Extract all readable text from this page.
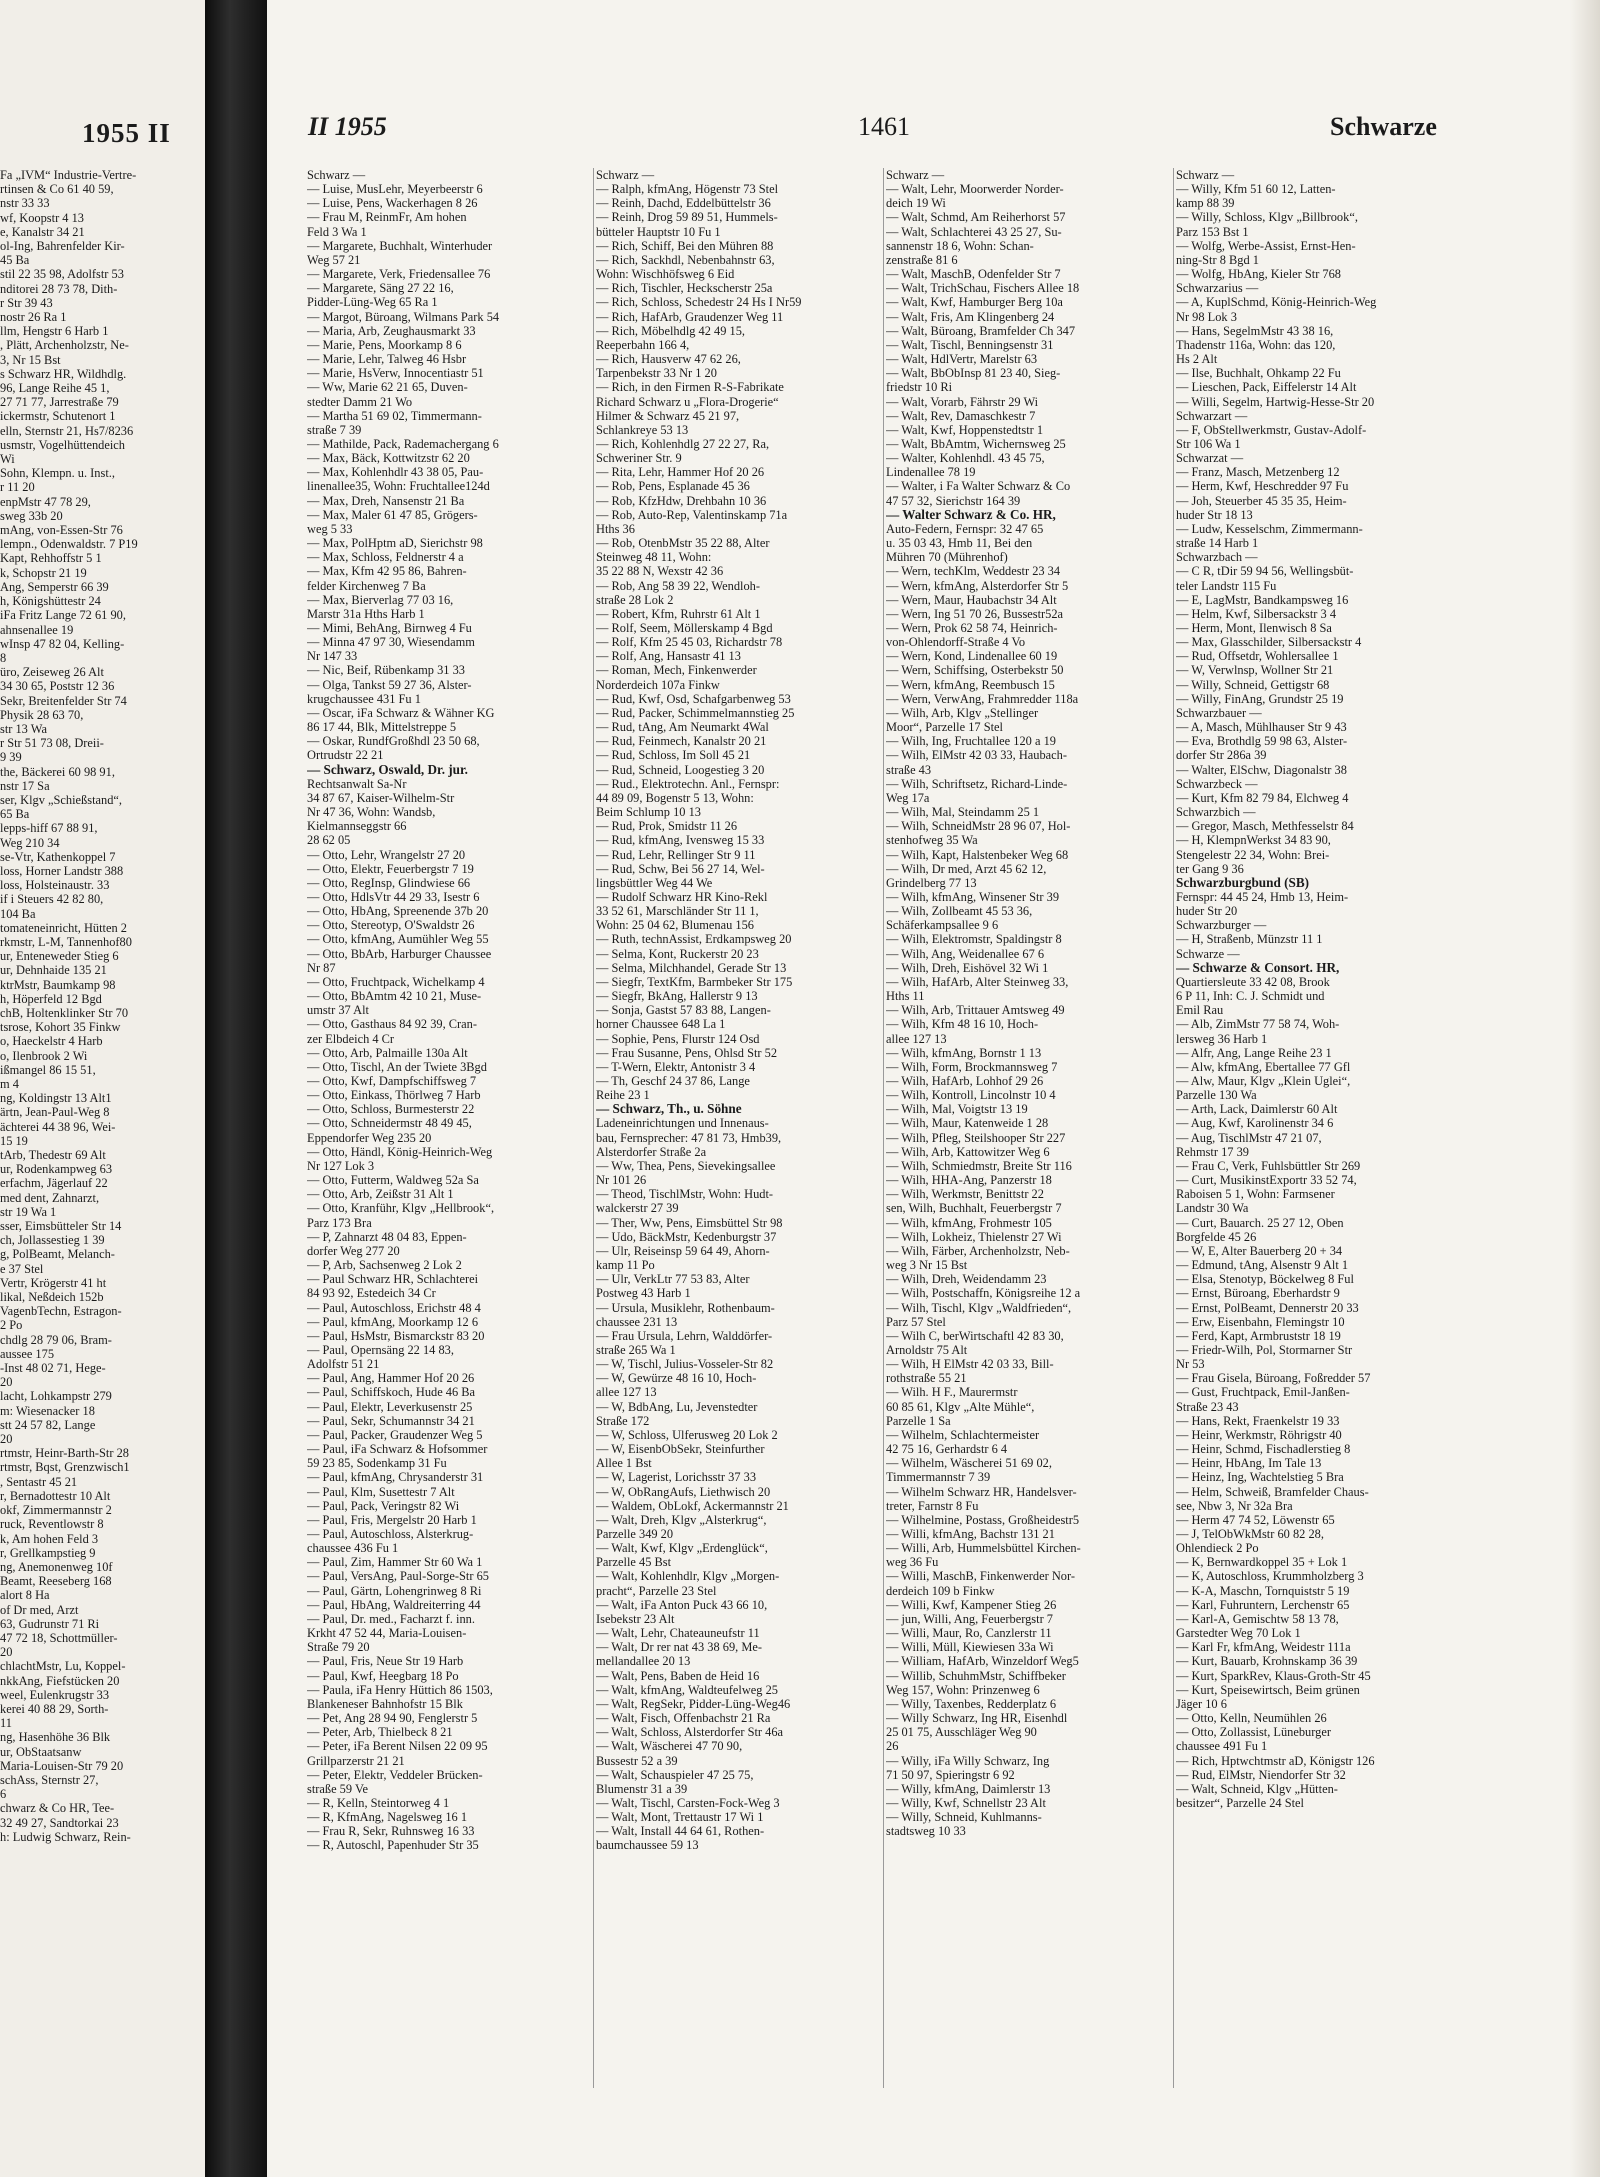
1955 II
Fa „IVM“ Industrie-Vertre-
rtinsen & Co 61 40 59,
nstr 33 33
wf, Koopstr 4 13
e, Kanalstr 34 21
ol-Ing, Bahrenfelder Kir-
45 Ba
stil 22 35 98, Adolfstr 53
nditorei 28 73 78, Dith-
r Str 39 43
nostr 26 Ra 1
llm, Hengstr 6 Harb 1
, Plätt, Archenholzstr, Ne-
3, Nr 15 Bst
s Schwarz HR, Wildhdlg.
96, Lange Reihe 45 1,
27 71 77, Jarrestraße 79
ickermstr, Schutenort 1
elln, Sternstr 21, Hs7/8236
usmstr, Vogelhüttendeich
Wi
Sohn, Klempn. u. Inst.,
r 11 20
enpMstr 47 78 29,
sweg 33b 20
mAng, von-Essen-Str 76
lempn., Odenwaldstr. 7 P19
Kapt, Rehhoffstr 5 1
k, Schopstr 21 19
Ang, Semperstr 66 39
h, Königshüttestr 24
iFa Fritz Lange 72 61 90,
ahnsenallee 19
wInsp 47 82 04, Kelling-
8
üro, Zeiseweg 26 Alt
34 30 65, Poststr 12 36
Sekr, Breitenfelder Str 74
Physik 28 63 70,
str 13 Wa
r Str 51 73 08, Dreii-
9 39
the, Bäckerei 60 98 91,
nstr 17 Sa
ser, Klgv „Schießstand“,
65 Ba
lepps-hiff 67 88 91,
Weg 210 34
se-Vtr, Kathenkoppel 7
loss, Horner Landstr 388
loss, Holsteinaustr. 33
if i Steuers 42 82 80,
104 Ba
tomateneinricht, Hütten 2
rkmstr, L-M, Tannenhof80
ur, Enteneweder Stieg 6
ur, Dehnhaide 135 21
ktrMstr, Baumkamp 98
h, Höperfeld 12 Bgd
chB, Holtenklinker Str 70
tsrose, Kohort 35 Finkw
o, Haeckelstr 4 Harb
o, Ilenbrook 2 Wi
ißmangel 86 15 51,
m 4
ng, Koldingstr 13 Alt1
ärtn, Jean-Paul-Weg 8
ächterei 44 38 96, Wei-
15 19
tArb, Thedestr 69 Alt
ur, Rodenkampweg 63
erfachm, Jägerlauf 22
med dent, Zahnarzt,
str 19 Wa 1
sser, Eimsbütteler Str 14
ch, Jollassestieg 1 39
g, PolBeamt, Melanch-
e 37 Stel
Vertr, Krögerstr 41 ht
likal, Neßdeich 152b
VagenbTechn, Estragon-
2 Po
chdlg 28 79 06, Bram-
aussee 175
-Inst 48 02 71, Hege-
20
lacht, Lohkampstr 279
m: Wiesenacker 18
stt 24 57 82, Lange
20
rtmstr, Heinr-Barth-Str 28
rtmstr, Bqst, Grenzwisch1
, Sentastr 45 21
r, Bernadottestr 10 Alt
okf, Zimmermannstr 2
ruck, Reventlowstr 8
k, Am hohen Feld 3
r, Grellkampstieg 9
ng, Anemonenweg 10f
Beamt, Reeseberg 168
alort 8 Ha
of Dr med, Arzt
63, Gudrunstr 71 Ri
47 72 18, Schottmüller-
20
chlachtMstr, Lu, Koppel-
nkkAng, Fiefstücken 20
weel, Eulenkrugstr 33
kerei 40 88 29, Sorth-
11
ng, Hasenhöhe 36 Blk
ur, ObStaatsanw
Maria-Louisen-Str 79 20
schAss, Sternstr 27,
6
chwarz & Co HR, Tee-
32 49 27, Sandtorkai 23
h: Ludwig Schwarz, Rein-
II 1955	1461	Schwarze
Schwarz —
— Luise, MusLehr, Meyerbeerstr 6
— Luise, Pens, Wackerhagen 8 26
— Frau M, ReinmFr, Am hohen
Feld 3 Wa 1
— Margarete, Buchhalt, Winterhuder
Weg 57 21
— Margarete, Verk, Friedensallee 76
— Margarete, Säng 27 22 16,
Pidder-Lüng-Weg 65 Ra 1
— Margot, Büroang, Wilmans Park 54
— Maria, Arb, Zeughausmarkt 33
— Marie, Pens, Moorkamp 8 6
— Marie, Lehr, Talweg 46 Hsbr
— Marie, HsVerw, Innocentiastr 51
— Ww, Marie 62 21 65, Duven-
stedter Damm 21 Wo
— Martha 51 69 02, Timmermann-
straße 7 39
— Mathilde, Pack, Rademachergang 6
— Max, Bäck, Kottwitzstr 62 20
— Max, Kohlenhdlr 43 38 05, Pau-
linenallee35, Wohn: Fruchtallee124d
— Max, Dreh, Nansenstr 21 Ba
— Max, Maler 61 47 85, Grögers-
weg 5 33
— Max, PolHptm aD, Sierichstr 98
— Max, Schloss, Feldnerstr 4 a
— Max, Kfm 42 95 86, Bahren-
felder Kirchenweg 7 Ba
— Max, Bierverlag 77 03 16,
Marstr 31a Hths Harb 1
— Mimi, BehAng, Birnweg 4 Fu
— Minna 47 97 30, Wiesendamm
Nr 147 33
— Nic, Beif, Rübenkamp 31 33
— Olga, Tankst 59 27 36, Alster-
krugchaussee 431 Fu 1
— Oscar, iFa Schwarz & Wähner KG
86 17 44, Blk, Mittelstreppe 5
— Oskar, RundfGroßhdl 23 50 68,
Ortrudstr 22 21
— Schwarz, Oswald, Dr. jur.
Rechtsanwalt Sa-Nr
34 87 67, Kaiser-Wilhelm-Str
Nr 47 36, Wohn: Wandsb,
Kielmannseggstr 66
28 62 05
— Otto, Lehr, Wrangelstr 27 20
— Otto, Elektr, Feuerbergstr 7 19
— Otto, RegInsp, Glindwiese 66
— Otto, HdlsVtr 44 29 33, Isestr 6
— Otto, HbAng, Spreenende 37b 20
— Otto, Stereotyp, O'Swaldstr 26
— Otto, kfmAng, Aumühler Weg 55
— Otto, BbArb, Harburger Chaussee
Nr 87
— Otto, Fruchtpack, Wichelkamp 4
— Otto, BbAmtm 42 10 21, Muse-
umstr 37 Alt
— Otto, Gasthaus 84 92 39, Cran-
zer Elbdeich 4 Cr
— Otto, Arb, Palmaille 130a Alt
— Otto, Tischl, An der Twiete 3Bgd
— Otto, Kwf, Dampfschiffsweg 7
— Otto, Einkass, Thörlweg 7 Harb
— Otto, Schloss, Burmesterstr 22
— Otto, Schneidermstr 48 49 45,
Eppendorfer Weg 235 20
— Otto, Händl, König-Heinrich-Weg
Nr 127 Lok 3
— Otto, Futterm, Waldweg 52a Sa
— Otto, Arb, Zeißstr 31 Alt 1
— Otto, Kranführ, Klgv „Hellbrook“,
Parz 173 Bra
— P, Zahnarzt 48 04 83, Eppen-
dorfer Weg 277 20
— P, Arb, Sachsenweg 2 Lok 2
— Paul Schwarz HR, Schlachterei
84 93 92, Estedeich 34 Cr
— Paul, Autoschloss, Erichstr 48 4
— Paul, kfmAng, Moorkamp 12 6
— Paul, HsMstr, Bismarckstr 83 20
— Paul, Opernsäng 22 14 83,
Adolfstr 51 21
— Paul, Ang, Hammer Hof 20 26
— Paul, Schiffskoch, Hude 46 Ba
— Paul, Elektr, Leverkusenstr 25
— Paul, Sekr, Schumannstr 34 21
— Paul, Packer, Graudenzer Weg 5
— Paul, iFa Schwarz & Hofsommer
59 23 85, Sodenkamp 31 Fu
— Paul, kfmAng, Chrysanderstr 31
— Paul, Klm, Susettestr 7 Alt
— Paul, Pack, Veringstr 82 Wi
— Paul, Fris, Mergelstr 20 Harb 1
— Paul, Autoschloss, Alsterkrug-
chaussee 436 Fu 1
— Paul, Zim, Hammer Str 60 Wa 1
— Paul, VersAng, Paul-Sorge-Str 65
— Paul, Gärtn, Lohengrinweg 8 Ri
— Paul, HbAng, Waldreiterring 44
— Paul, Dr. med., Facharzt f. inn.
Krkht 47 52 44, Maria-Louisen-
Straße 79 20
— Paul, Fris, Neue Str 19 Harb
— Paul, Kwf, Heegbarg 18 Po
— Paula, iFa Henry Hüttich 86 1503,
Blankeneser Bahnhofstr 15 Blk
— Pet, Ang 28 94 90, Fenglerstr 5
— Peter, Arb, Thielbeck 8 21
— Peter, iFa Berent Nilsen 22 09 95
Grillparzerstr 21 21
— Peter, Elektr, Veddeler Brücken-
straße 59 Ve
— R, Kelln, Steintorweg 4 1
— R, KfmAng, Nagelsweg 16 1
— Frau R, Sekr, Ruhnsweg 16 33
— R, Autoschl, Papenhuder Str 35
Schwarz —
— Ralph, kfmAng, Högenstr 73 Stel
— Reinh, Dachd, Eddelbüttelstr 36
— Reinh, Drog 59 89 51, Hummels-
bütteler Hauptstr 10 Fu 1
— Rich, Schiff, Bei den Mühren 88
— Rich, Sackhdl, Nebenbahnstr 63,
Wohn: Wischhöfsweg 6 Eid
— Rich, Tischler, Heckscherstr 25a
— Rich, Schloss, Schedestr 24 Hs I Nr59
— Rich, HafArb, Graudenzer Weg 11
— Rich, Möbelhdlg 42 49 15,
Reeperbahn 166 4,
— Rich, Hausverw 47 62 26,
Tarpenbekstr 33 Nr 1 20
— Rich, in den Firmen R-S-Fabrikate
Richard Schwarz u „Flora-Drogerie“
Hilmer & Schwarz 45 21 97,
Schlankreye 53 13
— Rich, Kohlenhdlg 27 22 27, Ra,
Schweriner Str. 9
— Rita, Lehr, Hammer Hof 20 26
— Rob, Pens, Esplanade 45 36
— Rob, KfzHdw, Drehbahn 10 36
— Rob, Auto-Rep, Valentinskamp 71a
Hths 36
— Rob, OtenbMstr 35 22 88, Alter
Steinweg 48 11, Wohn:
35 22 88 N, Wexstr 42 36
— Rob, Ang 58 39 22, Wendloh-
straße 28 Lok 2
— Robert, Kfm, Ruhrstr 61 Alt 1
— Rolf, Seem, Möllerskamp 4 Bgd
— Rolf, Kfm 25 45 03, Richardstr 78
— Rolf, Ang, Hansastr 41 13
— Roman, Mech, Finkenwerder
Norderdeich 107a Finkw
— Rud, Kwf, Osd, Schafgarbenweg 53
— Rud, Packer, Schimmelmannstieg 25
— Rud, tAng, Am Neumarkt 4Wal
— Rud, Feinmech, Kanalstr 20 21
— Rud, Schloss, Im Soll 45 21
— Rud, Schneid, Loogestieg 3 20
— Rud., Elektrotechn. Anl., Fernspr:
44 89 09, Bogenstr 5 13, Wohn:
Beim Schlump 10 13
— Rud, Prok, Smidstr 11 26
— Rud, kfmAng, Ivensweg 15 33
— Rud, Lehr, Rellinger Str 9 11
— Rud, Schw, Bei 56 27 14, Wel-
lingsbüttler Weg 44 We
— Rudolf Schwarz HR Kino-Rekl
33 52 61, Marschländer Str 11 1,
Wohn: 25 04 62, Blumenau 156
— Ruth, technAssist, Erdkampsweg 20
— Selma, Kont, Ruckerstr 20 23
— Selma, Milchhandel, Gerade Str 13
— Siegfr, TextKfm, Barmbeker Str 175
— Siegfr, BkAng, Hallerstr 9 13
— Sonja, Gastst 57 83 88, Langen-
horner Chaussee 648 La 1
— Sophie, Pens, Flurstr 124 Osd
— Frau Susanne, Pens, Ohlsd Str 52
— T-Wern, Elektr, Antonistr 3 4
— Th, Geschf 24 37 86, Lange
Reihe 23 1
— Schwarz, Th., u. Söhne
Ladeneinrichtungen und Innenaus-
bau, Fernsprecher: 47 81 73, Hmb39,
Alsterdorfer Straße 2a
— Ww, Thea, Pens, Sievekingsallee
Nr 101 26
— Theod, TischlMstr, Wohn: Hudt-
walckerstr 27 39
— Ther, Ww, Pens, Eimsbüttel Str 98
— Udo, BäckMstr, Kedenburgstr 37
— Ulr, Reiseinsp 59 64 49, Ahorn-
kamp 11 Po
— Ulr, VerkLtr 77 53 83, Alter
Postweg 43 Harb 1
— Ursula, Musiklehr, Rothenbaum-
chaussee 231 13
— Frau Ursula, Lehrn, Walddörfer-
straße 265 Wa 1
— W, Tischl, Julius-Vosseler-Str 82
— W, Gewürze 48 16 10, Hoch-
allee 127 13
— W, BdbAng, Lu, Jevenstedter
Straße 172
— W, Schloss, Ulferusweg 20 Lok 2
— W, EisenbObSekr, Steinfurther
Allee 1 Bst
— W, Lagerist, Lorichsstr 37 33
— W, ObRangAufs, Liethwisch 20
— Waldem, ObLokf, Ackermannstr 21
— Walt, Dreh, Klgv „Alsterkrug“,
Parzelle 349 20
— Walt, Kwf, Klgv „Erdenglück“,
Parzelle 45 Bst
— Walt, Kohlenhdlr, Klgv „Morgen-
pracht“, Parzelle 23 Stel
— Walt, iFa Anton Puck 43 66 10,
Isebekstr 23 Alt
— Walt, Lehr, Chateauneufstr 11
— Walt, Dr rer nat 43 38 69, Me-
mellandallee 20 13
— Walt, Pens, Baben de Heid 16
— Walt, kfmAng, Waldteufelweg 25
— Walt, RegSekr, Pidder-Lüng-Weg46
— Walt, Fisch, Offenbachstr 21 Ra
— Walt, Schloss, Alsterdorfer Str 46a
— Walt, Wäscherei 47 70 90,
Bussestr 52 a 39
— Walt, Schauspieler 47 25 75,
Blumenstr 31 a 39
— Walt, Tischl, Carsten-Fock-Weg 3
— Walt, Mont, Trettaustr 17 Wi 1
— Walt, Install 44 64 61, Rothen-
baumchaussee 59 13
Schwarz —
— Walt, Lehr, Moorwerder Norder-
deich 19 Wi
— Walt, Schmd, Am Reiherhorst 57
— Walt, Schlachterei 43 25 27, Su-
sannenstr 18 6, Wohn: Schan-
zenstraße 81 6
— Walt, MaschB, Odenfelder Str 7
— Walt, TrichSchau, Fischers Allee 18
— Walt, Kwf, Hamburger Berg 10a
— Walt, Fris, Am Klingenberg 24
— Walt, Büroang, Bramfelder Ch 347
— Walt, Tischl, Benningsenstr 31
— Walt, HdlVertr, Marelstr 63
— Walt, BbObInsp 81 23 40, Sieg-
friedstr 10 Ri
— Walt, Vorarb, Fährstr 29 Wi
— Walt, Rev, Damaschkestr 7
— Walt, Kwf, Hoppenstedtstr 1
— Walt, BbAmtm, Wichernsweg 25
— Walter, Kohlenhdl. 43 45 75,
Lindenallee 78 19
— Walter, i Fa Walter Schwarz & Co
47 57 32, Sierichstr 164 39
— Walter Schwarz & Co. HR,
Auto-Federn, Fernspr: 32 47 65
u. 35 03 43, Hmb 11, Bei den
Mühren 70 (Mührenhof)
— Wern, techKlm, Weddestr 23 34
— Wern, kfmAng, Alsterdorfer Str 5
— Wern, Maur, Haubachstr 34 Alt
— Wern, Ing 51 70 26, Bussestr52a
— Wern, Prok 62 58 74, Heinrich-
von-Ohlendorff-Straße 4 Vo
— Wern, Kond, Lindenallee 60 19
— Wern, Schiffsing, Osterbekstr 50
— Wern, kfmAng, Reembusch 15
— Wern, VerwAng, Frahmredder 118a
— Wilh, Arb, Klgv „Stellinger
Moor“, Parzelle 17 Stel
— Wilh, Ing, Fruchtallee 120 a 19
— Wilh, ElMstr 42 03 33, Haubach-
straße 43
— Wilh, Schriftsetz, Richard-Linde-
Weg 17a
— Wilh, Mal, Steindamm 25 1
— Wilh, SchneidMstr 28 96 07, Hol-
stenhofweg 35 Wa
— Wilh, Kapt, Halstenbeker Weg 68
— Wilh, Dr med, Arzt 45 62 12,
Grindelberg 77 13
— Wilh, kfmAng, Winsener Str 39
— Wilh, Zollbeamt 45 53 36,
Schäferkampsallee 9 6
— Wilh, Elektromstr, Spaldingstr 8
— Wilh, Ang, Weidenallee 67 6
— Wilh, Dreh, Eishövel 32 Wi 1
— Wilh, HafArb, Alter Steinweg 33,
Hths 11
— Wilh, Arb, Trittauer Amtsweg 49
— Wilh, Kfm 48 16 10, Hoch-
allee 127 13
— Wilh, kfmAng, Bornstr 1 13
— Wilh, Form, Brockmannsweg 7
— Wilh, HafArb, Lohhof 29 26
— Wilh, Kontroll, Lincolnstr 10 4
— Wilh, Mal, Voigtstr 13 19
— Wilh, Maur, Katenweide 1 28
— Wilh, Pfleg, Steilshooper Str 227
— Wilh, Arb, Kattowitzer Weg 6
— Wilh, Schmiedmstr, Breite Str 116
— Wilh, HHA-Ang, Panzerstr 18
— Wilh, Werkmstr, Benittstr 22
sen, Wilh, Buchhalt, Feuerbergstr 7
— Wilh, kfmAng, Frohmestr 105
— Wilh, Lokheiz, Thielenstr 27 Wi
— Wilh, Färber, Archenholzstr, Neb-
weg 3 Nr 15 Bst
— Wilh, Dreh, Weidendamm 23
— Wilh, Postschaffn, Königsreihe 12 a
— Wilh, Tischl, Klgv „Waldfrieden“,
Parz 57 Stel
— Wilh C, berWirtschaftl 42 83 30,
Arnoldstr 75 Alt
— Wilh, H ElMstr 42 03 33, Bill-
rothstraße 55 21
— Wilh. H F., Maurermstr
60 85 61, Klgv „Alte Mühle“,
Parzelle 1 Sa
— Wilhelm, Schlachtermeister
42 75 16, Gerhardstr 6 4
— Wilhelm, Wäscherei 51 69 02,
Timmermannstr 7 39
— Wilhelm Schwarz HR, Handelsver-
treter, Farnstr 8 Fu
— Wilhelmine, Postass, Großheidestr5
— Willi, kfmAng, Bachstr 131 21
— Willi, Arb, Hummelsbüttel Kirchen-
weg 36 Fu
— Willi, MaschB, Finkenwerder Nor-
derdeich 109 b Finkw
— Willi, Kwf, Kampener Stieg 26
— jun, Willi, Ang, Feuerbergstr 7
— Willi, Maur, Ro, Canzlerstr 11
— Willi, Müll, Kiewiesen 33a Wi
— William, HafArb, Winzeldorf Weg5
— Willib, SchuhmMstr, Schiffbeker
Weg 157, Wohn: Prinzenweg 6
— Willy, Taxenbes, Redderplatz 6
— Willy Schwarz, Ing HR, Eisenhdl
25 01 75, Ausschläger Weg 90
26
— Willy, iFa Willy Schwarz, Ing
71 50 97, Spieringstr 6 92
— Willy, kfmAng, Daimlerstr 13
— Willy, Kwf, Schnellstr 23 Alt
— Willy, Schneid, Kuhlmanns-
stadtsweg 10 33
Schwarz —
— Willy, Kfm 51 60 12, Latten-
kamp 88 39
— Willy, Schloss, Klgv „Billbrook“,
Parz 153 Bst 1
— Wolfg, Werbe-Assist, Ernst-Hen-
ning-Str 8 Bgd 1
— Wolfg, HbAng, Kieler Str 768
Schwarzarius —
— A, KuplSchmd, König-Heinrich-Weg
Nr 98 Lok 3
— Hans, SegelmMstr 43 38 16,
Thadenstr 116a, Wohn: das 120,
Hs 2 Alt
— Ilse, Buchhalt, Ohkamp 22 Fu
— Lieschen, Pack, Eiffelerstr 14 Alt
— Willi, Segelm, Hartwig-Hesse-Str 20
Schwarzart —
— F, ObStellwerkmstr, Gustav-Adolf-
Str 106 Wa 1
Schwarzat —
— Franz, Masch, Metzenberg 12
— Herm, Kwf, Heschredder 97 Fu
— Joh, Steuerber 45 35 35, Heim-
huder Str 18 13
— Ludw, Kesselschm, Zimmermann-
straße 14 Harb 1
Schwarzbach —
— C R, tDir 59 94 56, Wellingsbüt-
teler Landstr 115 Fu
— E, LagMstr, Bandkampsweg 16
— Helm, Kwf, Silbersackstr 3 4
— Herm, Mont, Ilenwisch 8 Sa
— Max, Glasschilder, Silbersackstr 4
— Rud, Offsetdr, Wohlersallee 1
— W, Verwlnsp, Wollner Str 21
— Willy, Schneid, Gettigstr 68
— Willy, FinAng, Grundstr 25 19
Schwarzbauer —
— A, Masch, Mühlhauser Str 9 43
— Eva, Brothdlg 59 98 63, Alster-
dorfer Str 286a 39
— Walter, ElSchw, Diagonalstr 38
Schwarzbeck —
— Kurt, Kfm 82 79 84, Elchweg 4
Schwarzbich —
— Gregor, Masch, Methfesselstr 84
— H, KlempnWerkst 34 83 90,
Stengelestr 22 34, Wohn: Brei-
ter Gang 9 36
Schwarzburgbund (SB)
Fernspr: 44 45 24, Hmb 13, Heim-
huder Str 20
Schwarzburger —
— H, Straßenb, Münzstr 11 1
Schwarze —
— Schwarze & Consort. HR,
Quartiersleute 33 42 08, Brook
6 P 11, Inh: C. J. Schmidt und
Emil Rau
— Alb, ZimMstr 77 58 74, Woh-
lersweg 36 Harb 1
— Alfr, Ang, Lange Reihe 23 1
— Alw, kfmAng, Ebertallee 77 Gfl
— Alw, Maur, Klgv „Klein Uglei“,
Parzelle 130 Wa
— Arth, Lack, Daimlerstr 60 Alt
— Aug, Kwf, Karolinenstr 34 6
— Aug, TischlMstr 47 21 07,
Rehmstr 17 39
— Frau C, Verk, Fuhlsbüttler Str 269
— Curt, MusikinstExportr 33 52 74,
Raboisen 5 1, Wohn: Farmsener
Landstr 30 Wa
— Curt, Bauarch. 25 27 12, Oben
Borgfelde 45 26
— W, E, Alter Bauerberg 20 + 34
— Edmund, tAng, Alsenstr 9 Alt 1
— Elsa, Stenotyp, Böckelweg 8 Ful
— Ernst, Büroang, Eberhardstr 9
— Ernst, PolBeamt, Dennerstr 20 33
— Erw, Eisenbahn, Flemingstr 10
— Ferd, Kapt, Armbruststr 18 19
— Friedr-Wilh, Pol, Stormarner Str
Nr 53
— Frau Gisela, Büroang, Foßredder 57
— Gust, Fruchtpack, Emil-Janßen-
Straße 23 43
— Hans, Rekt, Fraenkelstr 19 33
— Heinr, Werkmstr, Röhrigstr 40
— Heinr, Schmd, Fischadlerstieg 8
— Heinr, HbAng, Im Tale 13
— Heinz, Ing, Wachtelstieg 5 Bra
— Helm, Schweiß, Bramfelder Chaus-
see, Nbw 3, Nr 32a Bra
— Herm 47 74 52, Löwenstr 65
— J, TelObWkMstr 60 82 28,
Ohlendieck 2 Po
— K, Bernwardkoppel 35 + Lok 1
— K, Autoschloss, Krummholzberg 3
— K-A, Maschn, Tornquiststr 5 19
— Karl, Fuhruntern, Lerchenstr 65
— Karl-A, Gemischtw 58 13 78,
Garstedter Weg 70 Lok 1
— Karl Fr, kfmAng, Weidestr 111a
— Kurt, Bauarb, Krohnskamp 36 39
— Kurt, SparkRev, Klaus-Groth-Str 45
— Kurt, Speisewirtsch, Beim grünen
Jäger 10 6
— Otto, Kelln, Neumühlen 26
— Otto, Zollassist, Lüneburger
chaussee 491 Fu 1
— Rich, Hptwchtmstr aD, Königstr 126
— Rud, ElMstr, Niendorfer Str 32
— Walt, Schneid, Klgv „Hütten-
besitzer“, Parzelle 24 Stel
